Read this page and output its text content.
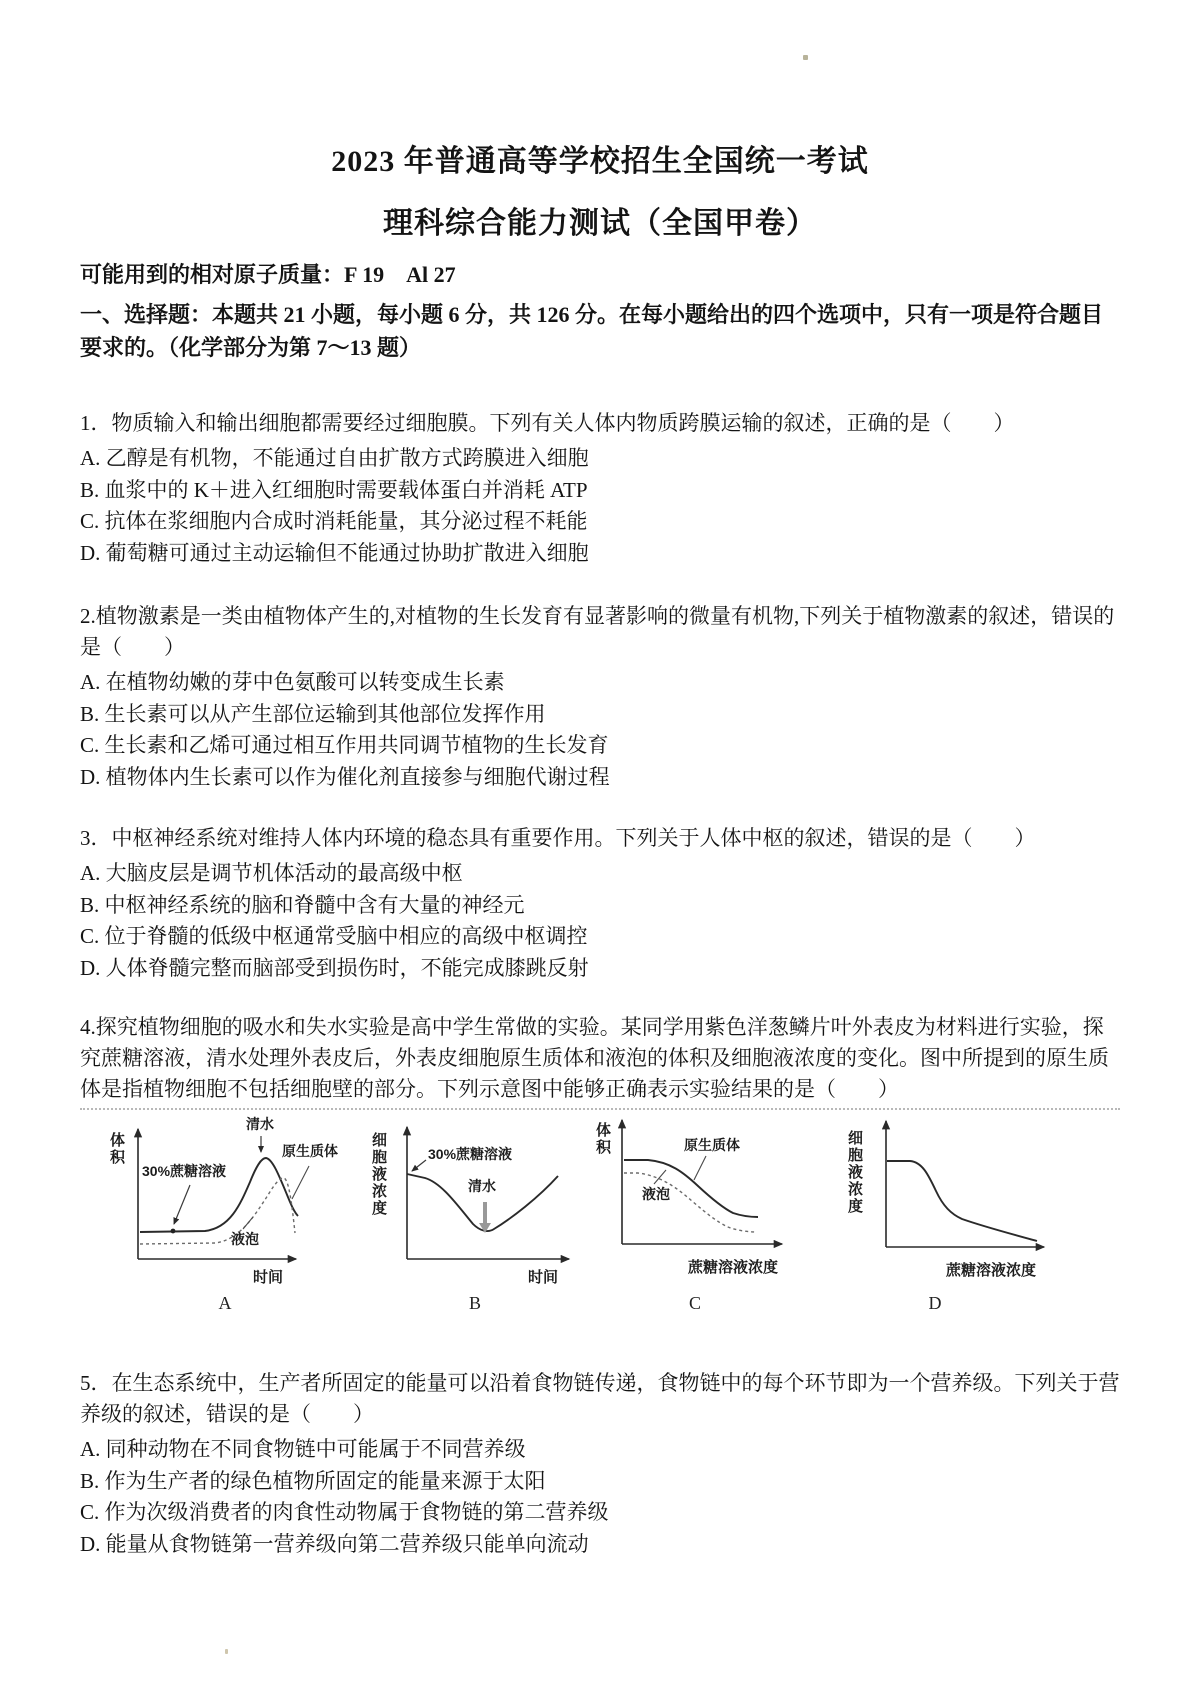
2023 年普通高等学校招生全国统一考试
理科综合能力测试（全国甲卷）

可能用到的相对原子质量：F 19　Al 27

一、选择题：本题共 21 小题，每小题 6 分，共 126 分。在每小题给出的四个选项中，只有一项是符合题目要求的。（化学部分为第 7～13 题）

1．物质输入和输出细胞都需要经过细胞膜。下列有关人体内物质跨膜运输的叙述，正确的是（　　）

A. 乙醇是有机物，不能通过自由扩散方式跨膜进入细胞

B. 血浆中的 K＋进入红细胞时需要载体蛋白并消耗 ATP

C. 抗体在浆细胞内合成时消耗能量，其分泌过程不耗能

D. 葡萄糖可通过主动运输但不能通过协助扩散进入细胞

2.植物激素是一类由植物体产生的,对植物的生长发育有显著影响的微量有机物,下列关于植物激素的叙述，错误的是（　　）

A. 在植物幼嫩的芽中色氨酸可以转变成生长素

B. 生长素可以从产生部位运输到其他部位发挥作用

C. 生长素和乙烯可通过相互作用共同调节植物的生长发育

D. 植物体内生长素可以作为催化剂直接参与细胞代谢过程

3．中枢神经系统对维持人体内环境的稳态具有重要作用。下列关于人体中枢的叙述，错误的是（　　）

A. 大脑皮层是调节机体活动的最高级中枢

B. 中枢神经系统的脑和脊髓中含有大量的神经元

C. 位于脊髓的低级中枢通常受脑中相应的高级中枢调控

D. 人体脊髓完整而脑部受到损伤时，不能完成膝跳反射

4.探究植物细胞的吸水和失水实验是高中学生常做的实验。某同学用紫色洋葱鳞片叶外表皮为材料进行实验，探究蔗糖溶液，清水处理外表皮后，外表皮细胞原生质体和液泡的体积及细胞液浓度的变化。图中所提到的原生质体是指植物细胞不包括细胞壁的部分。下列示意图中能够正确表示实验结果的是（　　）

体积
30%蔗糖溶液
清水
原生质体
液泡
时间
A
细胞液浓度
30%蔗糖溶液
清水
时间
B
体积	原生质体
液泡
蔗糖溶液浓度
C
细胞液浓度
蔗糖溶液浓度
D

5．在生态系统中，生产者所固定的能量可以沿着食物链传递，食物链中的每个环节即为一个营养级。下列关于营养级的叙述，错误的是（　　）

A. 同种动物在不同食物链中可能属于不同营养级

B. 作为生产者的绿色植物所固定的能量来源于太阳

C. 作为次级消费者的肉食性动物属于食物链的第二营养级

D. 能量从食物链第一营养级向第二营养级只能单向流动
